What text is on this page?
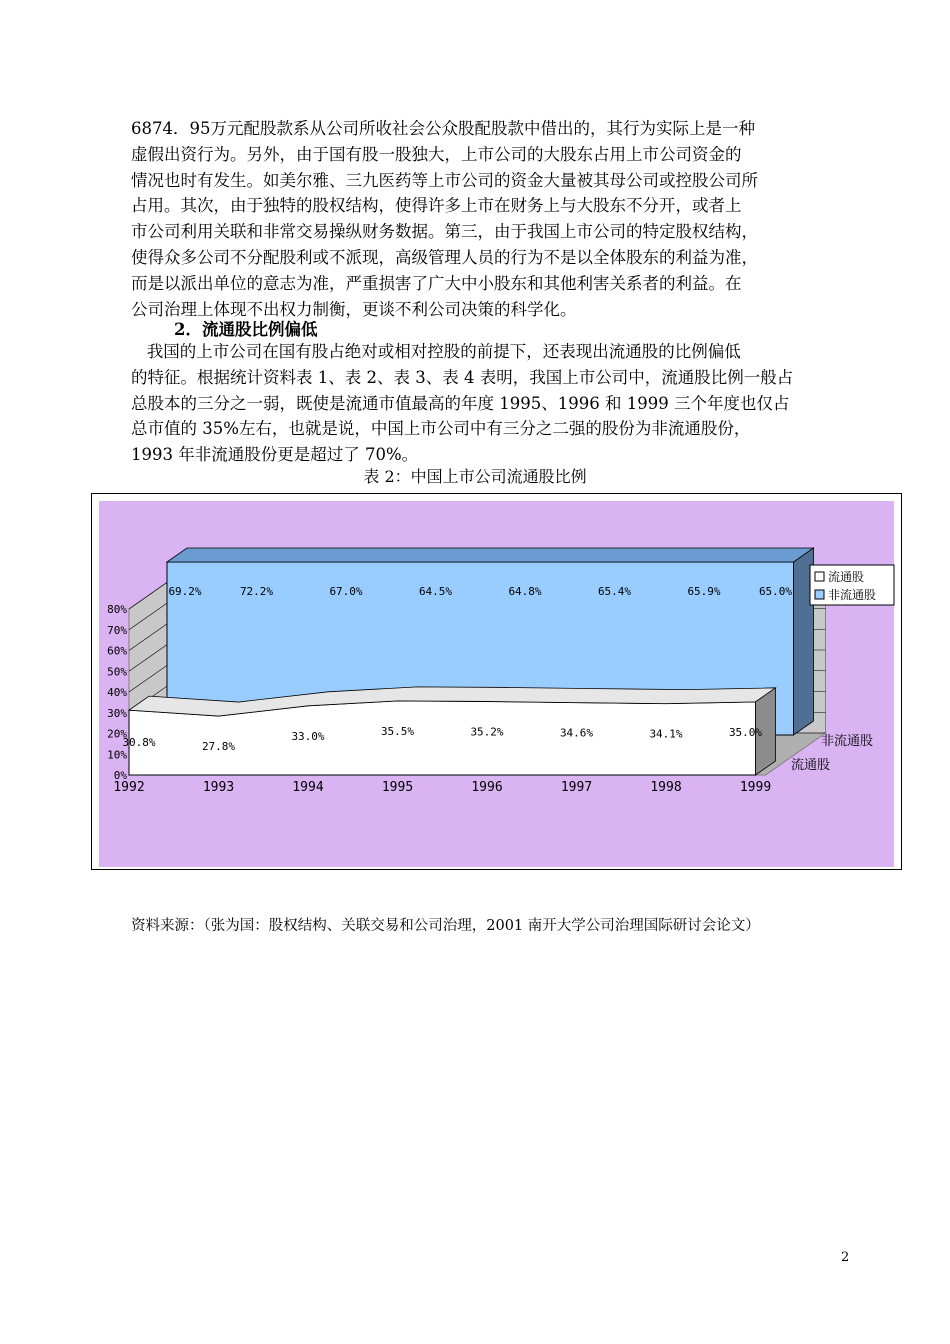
6874．95万元配股款系从公司所收社会公众股配股款中借出的，其行为实际上是一种
虚假出资行为。另外，由于国有股一股独大，上市公司的大股东占用上市公司资金的
情况也时有发生。如美尔雅、三九医药等上市公司的资金大量被其母公司或控股公司所
占用。其次，由于独特的股权结构，使得许多上市在财务上与大股东不分开，或者上
市公司利用关联和非常交易操纵财务数据。第三，由于我国上市公司的特定股权结构，
使得众多公司不分配股利或不派现，高级管理人员的行为不是以全体股东的利益为准，
而是以派出单位的意志为准，严重损害了广大中小股东和其他利害关系者的利益。在
公司治理上体现不出权力制衡，更谈不利公司决策的科学化。

2．流通股比例偏低

我国的上市公司在国有股占绝对或相对控股的前提下，还表现出流通股的比例偏低
的特征。根据统计资料表 1、表 2、表 3、表 4 表明，我国上市公司中，流通股比例一般占
总股本的三分之一弱，既使是流通市值最高的年度 1995、1996 和 1999 三个年度也仅占
总市值的 35%左右，也就是说，中国上市公司中有三分之二强的股份为非流通股份，
1993 年非流通股份更是超过了 70%。

表 2：中国上市公司流通股比例

0%
10%
20%
30%
40%
50%
60%
70%
80%
69.2%	72.2%	67.0%	64.5%	64.8%	65.4%	65.9%	65.0%
30.8%	27.8%
33.0%	35.5%	35.2%	34.6%	34.1%	35.0%
1992	1993	1994	1995	1996	1997	1998	1999
非流通股
流通股
流通股
非流通股

资料来源：（张为国：股权结构、关联交易和公司治理，2001 南开大学公司治理国际研讨会论文）

2
